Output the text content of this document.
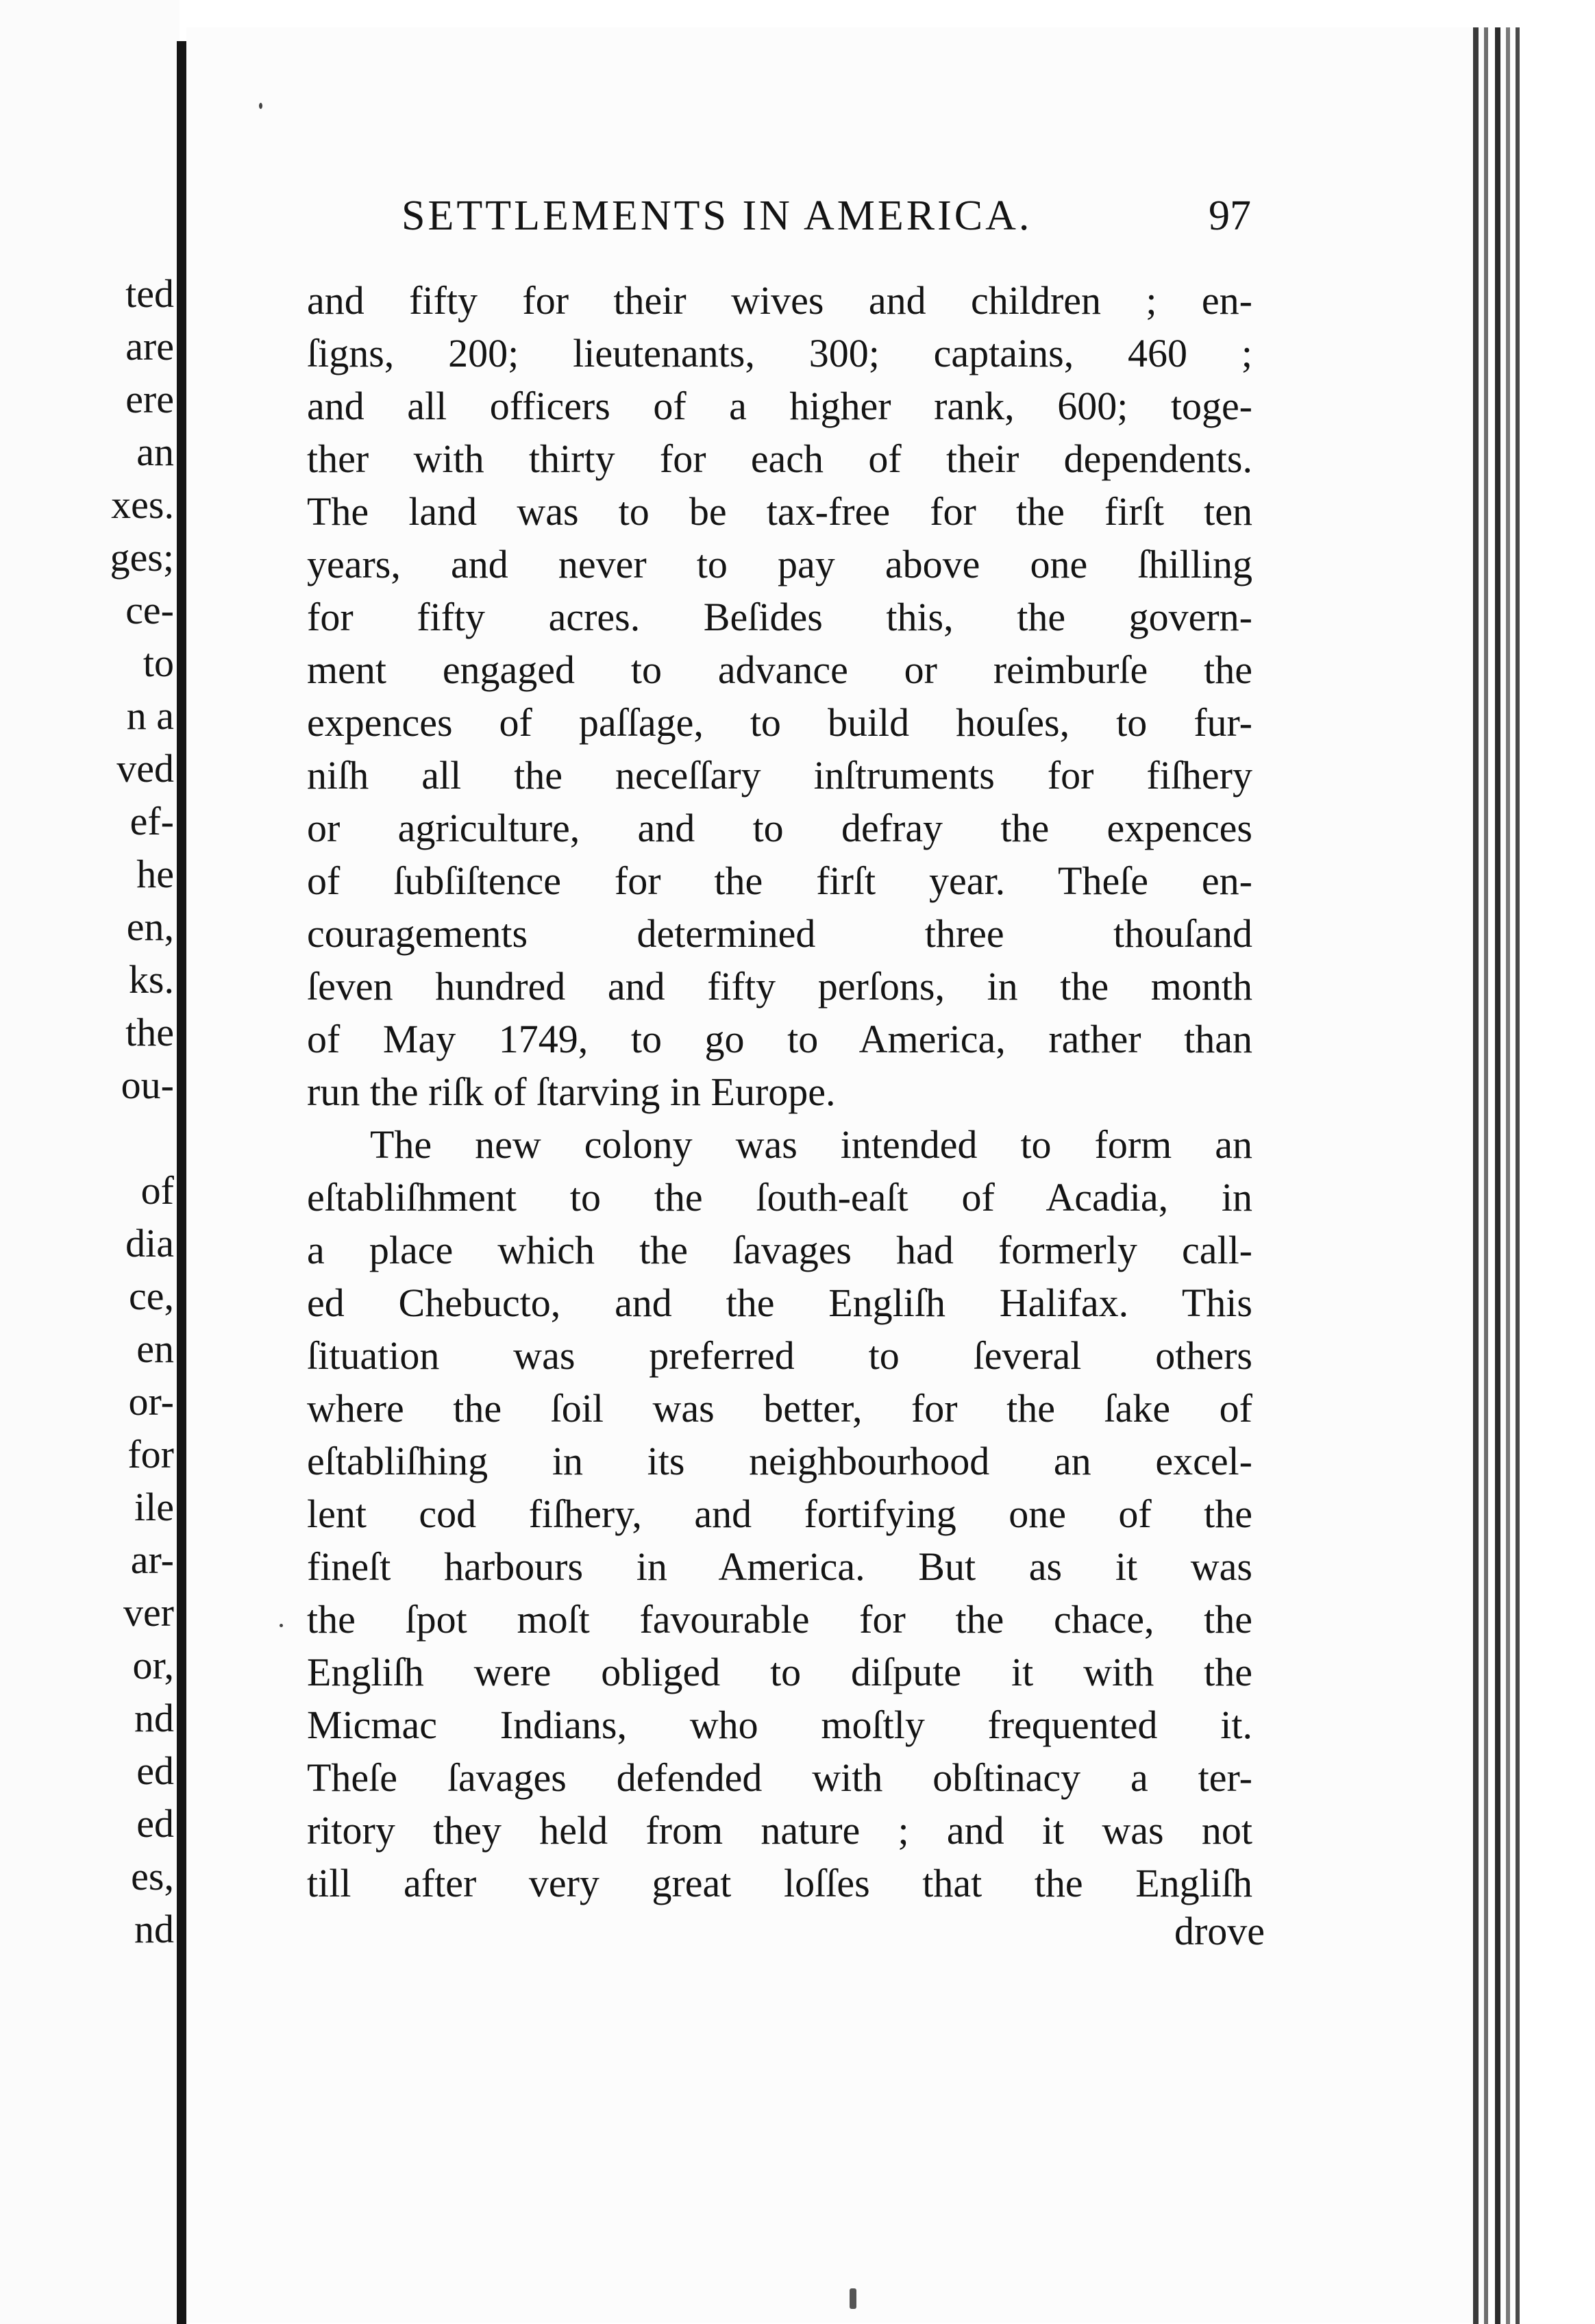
ted
are
ere
an
xes.
ges;
ce-
to
n a
ved
ef-
he
en,
ks.
the
ou-
of
dia
ce,
en
or-
for
ile
ar-
ver
or,
nd
ed
ed
es,
nd
SETTLEMENTS IN AMERICA.	97
and fifty for their wives and children ; en-
ſigns, 200; lieutenants, 300; captains, 460 ;
and all officers of a higher rank, 600; toge-
ther with thirty for each of their dependents.
The land was to be tax-free for the firſt ten
years, and never to pay above one ſhilling
for fifty acres. Beſides this, the govern-
ment engaged to advance or reimburſe the
expences of paſſage, to build houſes, to fur-
niſh all the neceſſary inſtruments for fiſhery
or agriculture, and to defray the expences
of ſubſiſtence for the firſt year. Theſe en-
couragements determined three thouſand
ſeven hundred and fifty perſons, in the month
of May 1749, to go to America, rather than
run the riſk of ſtarving in Europe.
The new colony was intended to form an
eſtabliſhment to the ſouth-eaſt of Acadia, in
a place which the ſavages had formerly call-
ed Chebucto, and the Engliſh Halifax. This
ſituation was preferred to ſeveral others
where the ſoil was better, for the ſake of
eſtabliſhing in its neighbourhood an excel-
lent cod fiſhery, and fortifying one of the
fineſt harbours in America. But as it was
the ſpot moſt favourable for the chace, the
Engliſh were obliged to diſpute it with the
Micmac Indians, who moſtly frequented it.
Theſe ſavages defended with obſtinacy a ter-
ritory they held from nature ; and it was not
till after very great loſſes that the Engliſh
drove
